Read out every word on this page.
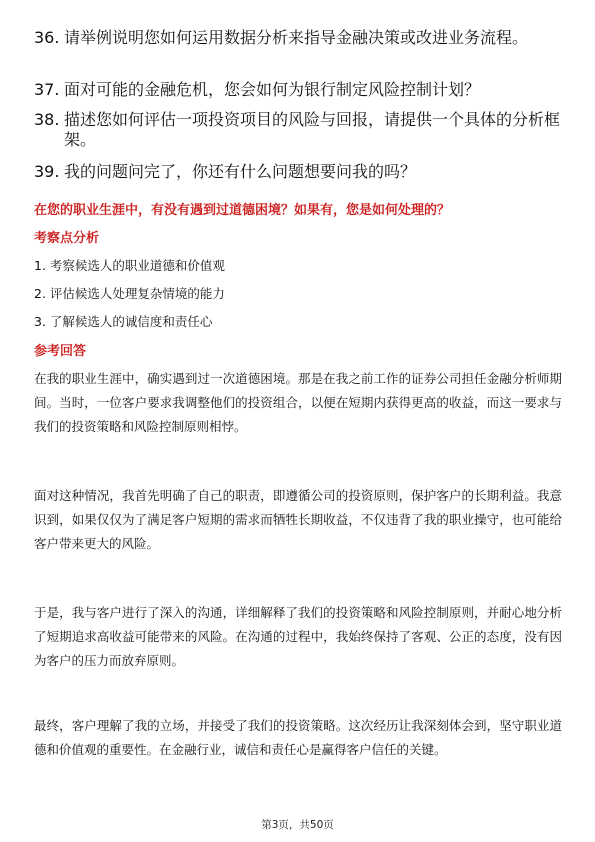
36. 请举例说明您如何运用数据分析来指导金融决策或改进业务流程。
37. 面对可能的金融危机，您会如何为银行制定风险控制计划？
38. 描述您如何评估一项投资项目的风险与回报，请提供一个具体的分析框架。
39. 我的问题问完了，你还有什么问题想要问我的吗？
在您的职业生涯中，有没有遇到过道德困境？如果有，您是如何处理的？
考察点分析
1. 考察候选人的职业道德和价值观
2. 评估候选人处理复杂情境的能力
3. 了解候选人的诚信度和责任心
参考回答
在我的职业生涯中，确实遇到过一次道德困境。那是在我之前工作的证券公司担任金融分析师期间。当时，一位客户要求我调整他们的投资组合，以便在短期内获得更高的收益，而这一要求与我们的投资策略和风险控制原则相悖。
面对这种情况，我首先明确了自己的职责，即遵循公司的投资原则，保护客户的长期利益。我意识到，如果仅仅为了满足客户短期的需求而牺牲长期收益，不仅违背了我的职业操守，也可能给客户带来更大的风险。
于是，我与客户进行了深入的沟通，详细解释了我们的投资策略和风险控制原则，并耐心地分析了短期追求高收益可能带来的风险。在沟通的过程中，我始终保持了客观、公正的态度，没有因为客户的压力而放弃原则。
最终，客户理解了我的立场，并接受了我们的投资策略。这次经历让我深刻体会到，坚守职业道德和价值观的重要性。在金融行业，诚信和责任心是赢得客户信任的关键。
第3页，共50页
